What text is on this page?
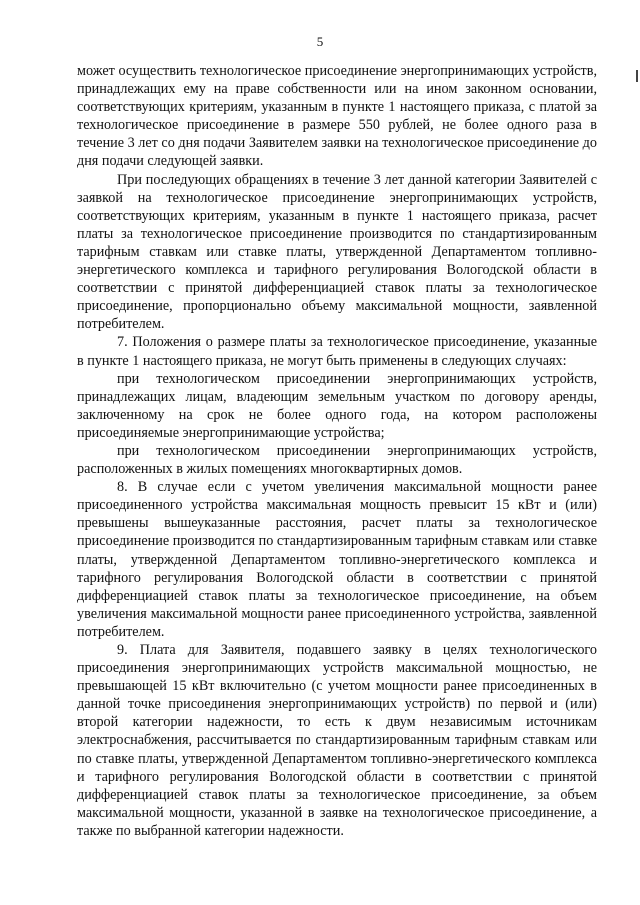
5

может осуществить технологическое присоединение энергопринимающих устройств, принадлежащих ему на праве собственности или на ином законном основании, соответствующих критериям, указанным в пункте 1 настоящего приказа, с платой за технологическое присоединение в размере 550 рублей, не более одного раза в течение 3 лет со дня подачи Заявителем заявки на технологическое присоединение до дня подачи следующей заявки.

При последующих обращениях в течение 3 лет данной категории Заявителей с заявкой на технологическое присоединение энергопринимающих устройств, соответствующих критериям, указанным в пункте 1 настоящего приказа, расчет платы за технологическое присоединение производится по стандартизированным тарифным ставкам или ставке платы, утвержденной Департаментом топливно-энергетического комплекса и тарифного регулирования Вологодской области в соответствии с принятой дифференциацией ставок платы за технологическое присоединение, пропорционально объему максимальной мощности, заявленной потребителем.

7. Положения о размере платы за технологическое присоединение, указанные в пункте 1 настоящего приказа, не могут быть применены в следующих случаях:

при технологическом присоединении энергопринимающих устройств, принадлежащих лицам, владеющим земельным участком по договору аренды, заключенному на срок не более одного года, на котором расположены присоединяемые энергопринимающие устройства;

при технологическом присоединении энергопринимающих устройств, расположенных в жилых помещениях многоквартирных домов.

8. В случае если с учетом увеличения максимальной мощности ранее присоединенного устройства максимальная мощность превысит 15 кВт и (или) превышены вышеуказанные расстояния, расчет платы за технологическое присоединение производится по стандартизированным тарифным ставкам или ставке платы, утвержденной Департаментом топливно-энергетического комплекса и тарифного регулирования Вологодской области в соответствии с принятой дифференциацией ставок платы за технологическое присоединение, на объем увеличения максимальной мощности ранее присоединенного устройства, заявленной потребителем.

9. Плата для Заявителя, подавшего заявку в целях технологического присоединения энергопринимающих устройств максимальной мощностью, не превышающей 15 кВт включительно (с учетом мощности ранее присоединенных в данной точке присоединения энергопринимающих устройств) по первой и (или) второй категории надежности, то есть к двум независимым источникам электроснабжения, рассчитывается по стандартизированным тарифным ставкам или по ставке платы, утвержденной Департаментом топливно-энергетического комплекса и тарифного регулирования Вологодской области в соответствии с принятой дифференциацией ставок платы за технологическое присоединение, за объем максимальной мощности, указанной в заявке на технологическое присоединение, а также по выбранной категории надежности.
